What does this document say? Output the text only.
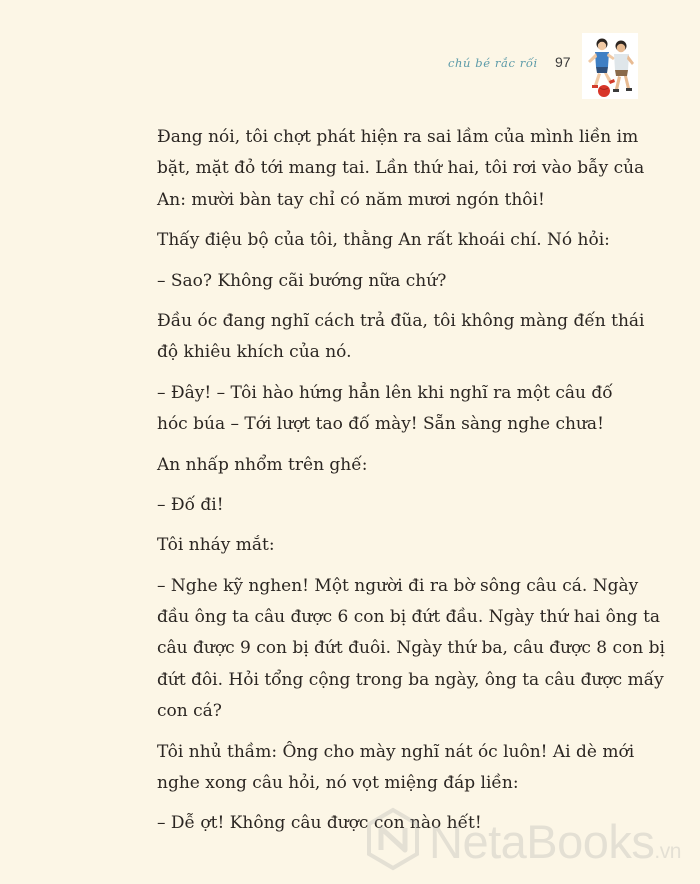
chú bé rắc rối 97
Đang nói, tôi chợt phát hiện ra sai lầm của mình liền im
bặt, mặt đỏ tới mang tai. Lần thứ hai, tôi rơi vào bẫy của
An: mười bàn tay chỉ có năm mươi ngón thôi!
Thấy điệu bộ của tôi, thằng An rất khoái chí. Nó hỏi:
– Sao? Không cãi bướng nữa chứ?
Đầu óc đang nghĩ cách trả đũa, tôi không màng đến thái
độ khiêu khích của nó.
– Đây! – Tôi hào hứng hẳn lên khi nghĩ ra một câu đố
hóc búa – Tới lượt tao đố mày! Sẵn sàng nghe chưa!
An nhấp nhổm trên ghế:
– Đố đi!
Tôi nháy mắt:
– Nghe kỹ nghen! Một người đi ra bờ sông câu cá. Ngày
đầu ông ta câu được 6 con bị đứt đầu. Ngày thứ hai ông ta
câu được 9 con bị đứt đuôi. Ngày thứ ba, câu được 8 con bị
đứt đôi. Hỏi tổng cộng trong ba ngày, ông ta câu được mấy
con cá?
Tôi nhủ thầm: Ông cho mày nghĩ nát óc luôn! Ai dè mới
nghe xong câu hỏi, nó vọt miệng đáp liền:
– Dễ ợt! Không câu được con nào hết!
NetaBooks.vn
